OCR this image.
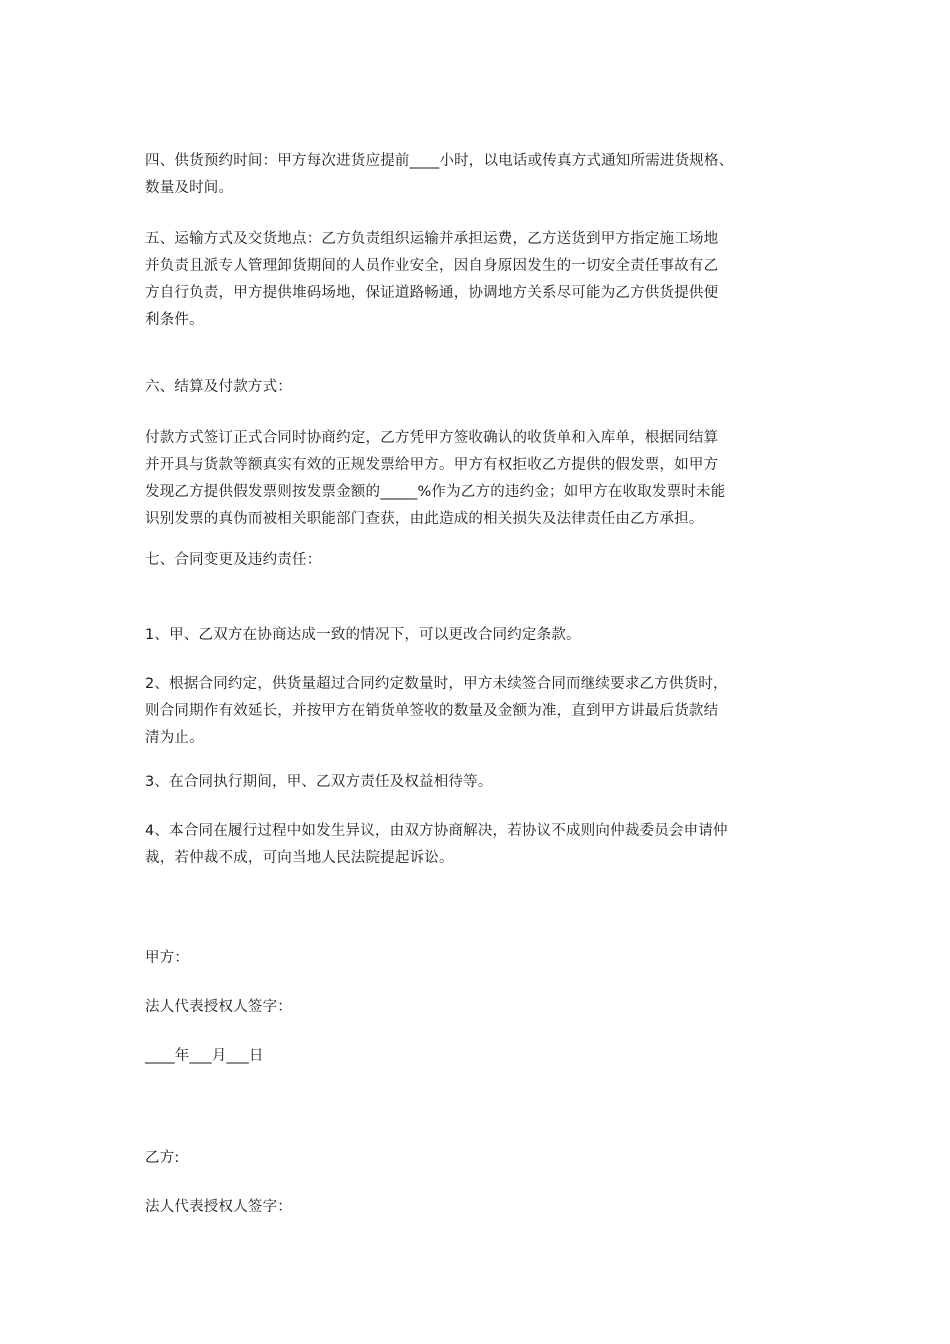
四、供货预约时间：甲方每次进货应提前____小时，以电话或传真方式通知所需进货规格、
数量及时间。

五、运输方式及交货地点：乙方负责组织运输并承担运费，乙方送货到甲方指定施工场地
并负责且派专人管理卸货期间的人员作业安全，因自身原因发生的一切安全责任事故有乙
方自行负责，甲方提供堆码场地，保证道路畅通，协调地方关系尽可能为乙方供货提供便
利条件。

六、结算及付款方式：

付款方式签订正式合同时协商约定，乙方凭甲方签收确认的收货单和入库单，根据同结算
并开具与货款等额真实有效的正规发票给甲方。甲方有权拒收乙方提供的假发票，如甲方
发现乙方提供假发票则按发票金额的_____%作为乙方的违约金；如甲方在收取发票时未能
识别发票的真伪而被相关职能部门查获，由此造成的相关损失及法律责任由乙方承担。

七、合同变更及违约责任：

1、甲、乙双方在协商达成一致的情况下，可以更改合同约定条款。

2、根据合同约定，供货量超过合同约定数量时，甲方未续签合同而继续要求乙方供货时，
则合同期作有效延长，并按甲方在销货单签收的数量及金额为准，直到甲方讲最后货款结
清为止。

3、在合同执行期间，甲、乙双方责任及权益相待等。

4、本合同在履行过程中如发生异议，由双方协商解决，若协议不成则向仲裁委员会申请仲
裁，若仲裁不成，可向当地人民法院提起诉讼。

甲方：

法人代表授权人签字：

____年___月___日

乙方:

法人代表授权人签字：
